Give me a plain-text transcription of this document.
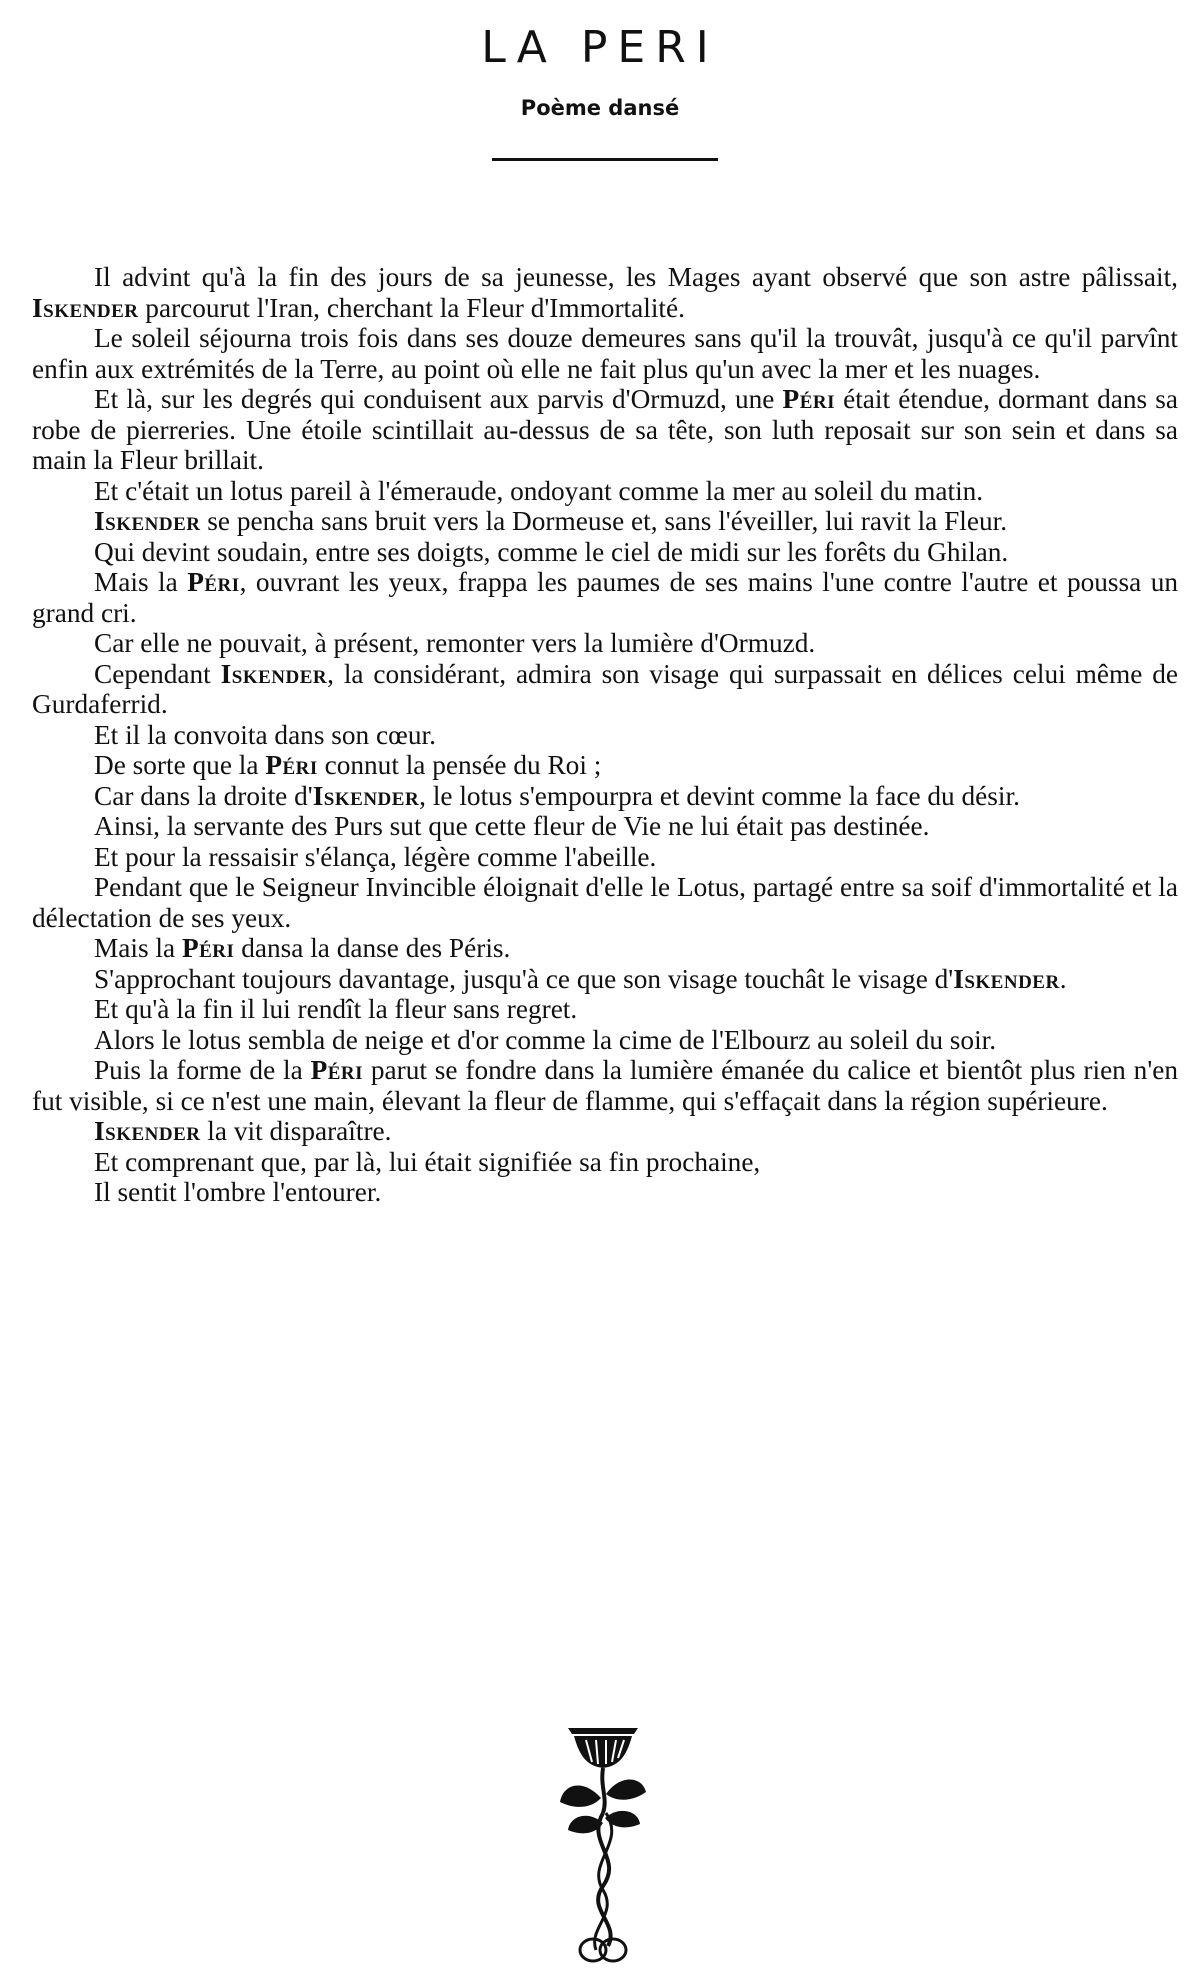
LA PERI
Poème dansé

Il advint qu'à la fin des jours de sa jeunesse, les Mages ayant observé que son astre pâlissait, Iskender parcourut l'Iran, cherchant la Fleur d'Immortalité.

Le soleil séjourna trois fois dans ses douze demeures sans qu'il la trouvât, jusqu'à ce qu'il parvînt enfin aux extrémités de la Terre, au point où elle ne fait plus qu'un avec la mer et les nuages.

Et là, sur les degrés qui conduisent aux parvis d'Ormuzd, une Péri était étendue, dormant dans sa robe de pierreries. Une étoile scintillait au-dessus de sa tête, son luth reposait sur son sein et dans sa main la Fleur brillait.

Et c'était un lotus pareil à l'émeraude, ondoyant comme la mer au soleil du matin.

Iskender se pencha sans bruit vers la Dormeuse et, sans l'éveiller, lui ravit la Fleur.

Qui devint soudain, entre ses doigts, comme le ciel de midi sur les forêts du Ghilan.

Mais la Péri, ouvrant les yeux, frappa les paumes de ses mains l'une contre l'autre et poussa un grand cri.

Car elle ne pouvait, à présent, remonter vers la lumière d'Ormuzd.

Cependant Iskender, la considérant, admira son visage qui surpassait en délices celui même de Gurdaferrid.

Et il la convoita dans son cœur.

De sorte que la Péri connut la pensée du Roi ;

Car dans la droite d'Iskender, le lotus s'empourpra et devint comme la face du désir.

Ainsi, la servante des Purs sut que cette fleur de Vie ne lui était pas destinée.

Et pour la ressaisir s'élança, légère comme l'abeille.

Pendant que le Seigneur Invincible éloignait d'elle le Lotus, partagé entre sa soif d'immortalité et la délectation de ses yeux.

Mais la Péri dansa la danse des Péris.

S'approchant toujours davantage, jusqu'à ce que son visage touchât le visage d'Iskender.

Et qu'à la fin il lui rendît la fleur sans regret.

Alors le lotus sembla de neige et d'or comme la cime de l'Elbourz au soleil du soir.

Puis la forme de la Péri parut se fondre dans la lumière émanée du calice et bientôt plus rien n'en fut visible, si ce n'est une main, élevant la fleur de flamme, qui s'effaçait dans la région supérieure.

Iskender la vit disparaître.

Et comprenant que, par là, lui était signifiée sa fin prochaine,

Il sentit l'ombre l'entourer.
